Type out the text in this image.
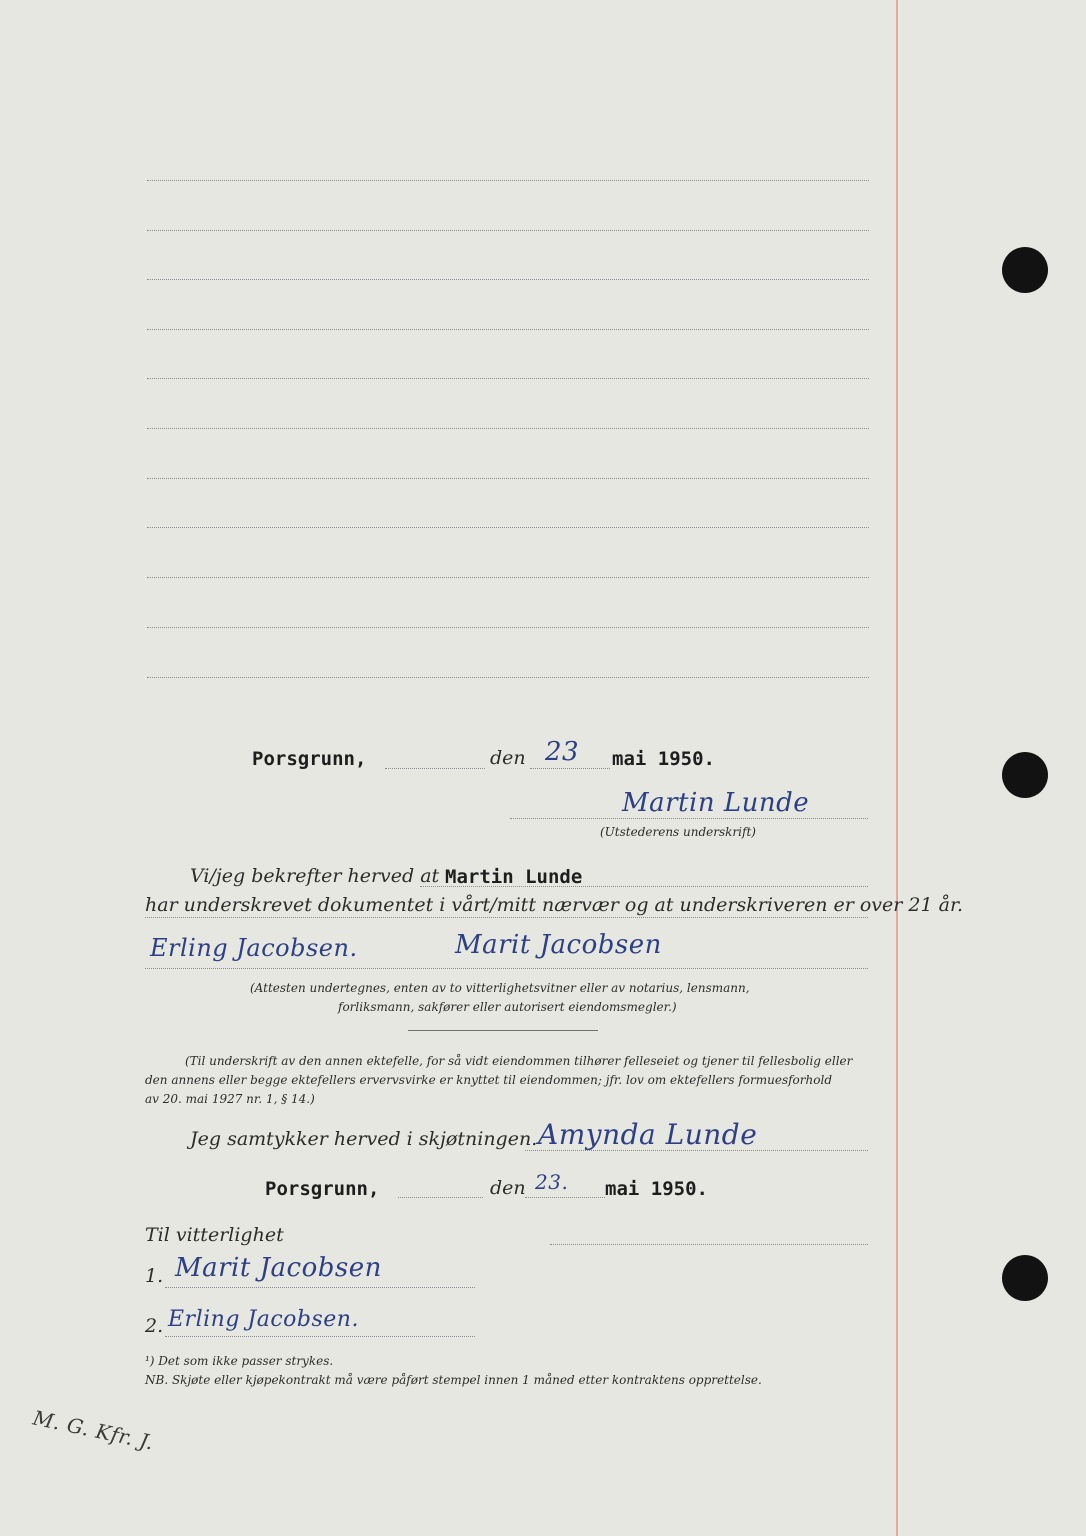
Porsgrunn,	den 23 mai 1950.
Martin Lunde
(Utstederens underskrift)
Vi/jeg bekrefter herved at Martin Lunde
har underskrevet dokumentet i vårt/mitt nærvær og at underskriveren er over 21 år.
Erling Jacobsen.	Marit Jacobsen
(Attesten undertegnes, enten av to vitterlighetsvitner eller av notarius, lensmann,
forliksmann, sakfører eller autorisert eiendomsmegler.)
(Til underskrift av den annen ektefelle, for så vidt eiendommen tilhører felleseiet og tjener til fellesbolig eller
den annens eller begge ektefellers ervervsvirke er knyttet til eiendommen; jfr. lov om ektefellers formuesforhold
av 20. mai 1927 nr. 1, § 14.)
Jeg samtykker herved i skjøtningen. Amynda Lunde
Porsgrunn,	den 23. mai 1950.
Til vitterlighet
1. Marit Jacobsen
2. Erling Jacobsen.
¹) Det som ikke passer strykes.
NB. Skjøte eller kjøpekontrakt må være påført stempel innen 1 måned etter kontraktens opprettelse.
M. G. Kfr. J.
